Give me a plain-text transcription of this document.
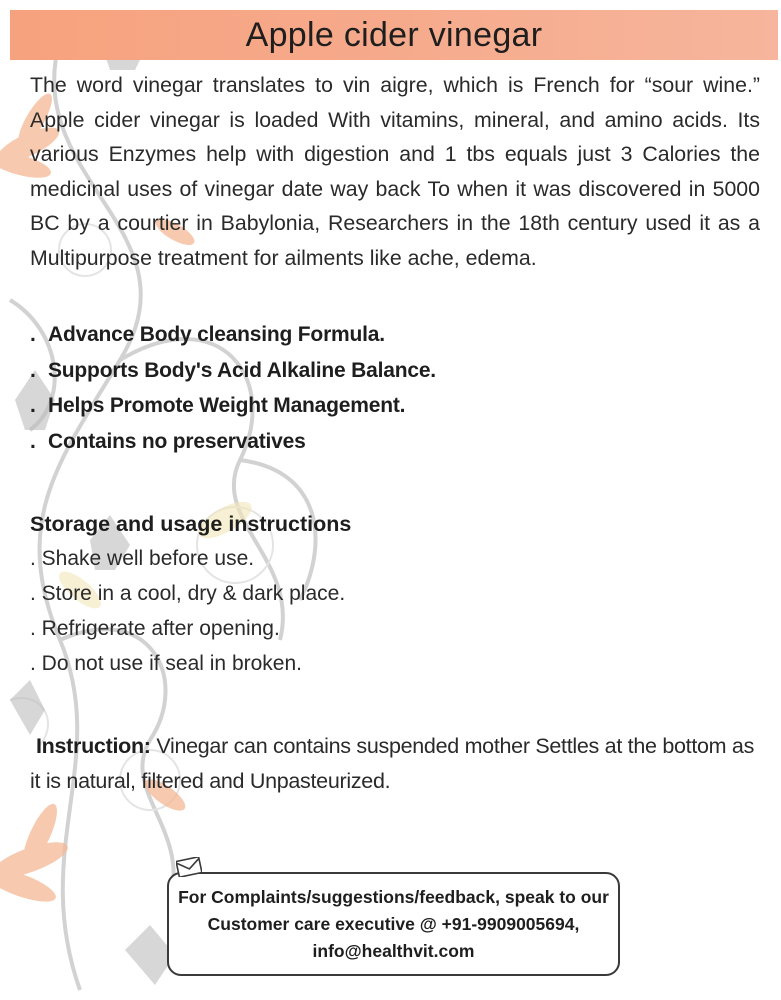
Apple cider vinegar

The word vinegar translates to vin aigre, which is French for “sour wine.” Apple cider vinegar is loaded With vitamins, mineral, and amino acids. Its various Enzymes help with digestion and 1 tbs equals just 3 Calories the medicinal uses of vinegar date way back To when it was discovered in 5000 BC by a courtier in Babylonia, Researchers in the 18th century used it as a Multipurpose treatment for ailments like ache, edema.

. Advance Body cleansing Formula.
. Supports Body's Acid Alkaline Balance.
. Helps Promote Weight Management.
. Contains no preservatives
Storage and usage instructions
. Shake well before use.
. Store in a cool, dry & dark place.
. Refrigerate after opening.
. Do not use if seal in broken.

Instruction: Vinegar can contains suspended mother Settles at the bottom as it is natural, filtered and Unpasteurized.

For Complaints/suggestions/feedback, speak to our
Customer care executive @ +91-9909005694,
info@healthvit.com
